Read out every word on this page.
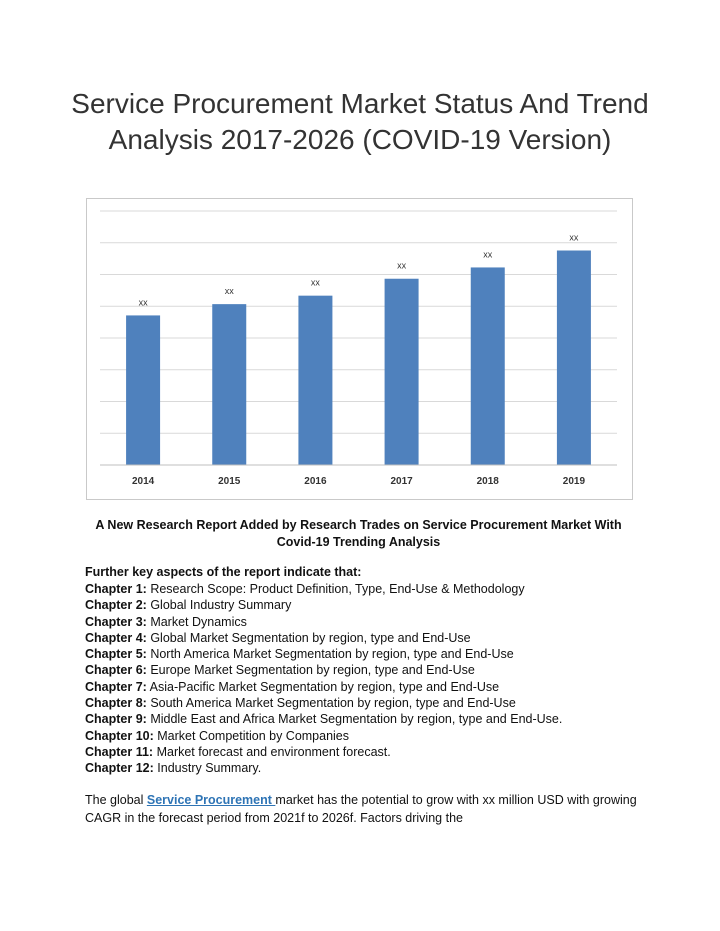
Service Procurement Market Status And Trend Analysis 2017-2026 (COVID-19 Version)
xx
2014
xx
2015
xx
2016
xx
2017
xx
2018
xx
2019
A New Research Report Added by Research Trades on Service Procurement Market With Covid-19 Trending Analysis
Further key aspects of the report indicate that:
Chapter 1: Research Scope: Product Definition, Type, End-Use & Methodology
Chapter 2: Global Industry Summary
Chapter 3: Market Dynamics
Chapter 4: Global Market Segmentation by region, type and End-Use
Chapter 5: North America Market Segmentation by region, type and End-Use
Chapter 6: Europe Market Segmentation by region, type and End-Use
Chapter 7: Asia-Pacific Market Segmentation by region, type and End-Use
Chapter 8: South America Market Segmentation by region, type and End-Use
Chapter 9: Middle East and Africa Market Segmentation by region, type and End-Use.
Chapter 10: Market Competition by Companies
Chapter 11: Market forecast and environment forecast.
Chapter 12: Industry Summary.
The global Service Procurement market has the potential to grow with xx million USD with growing CAGR in the forecast period from 2021f to 2026f. Factors driving the
